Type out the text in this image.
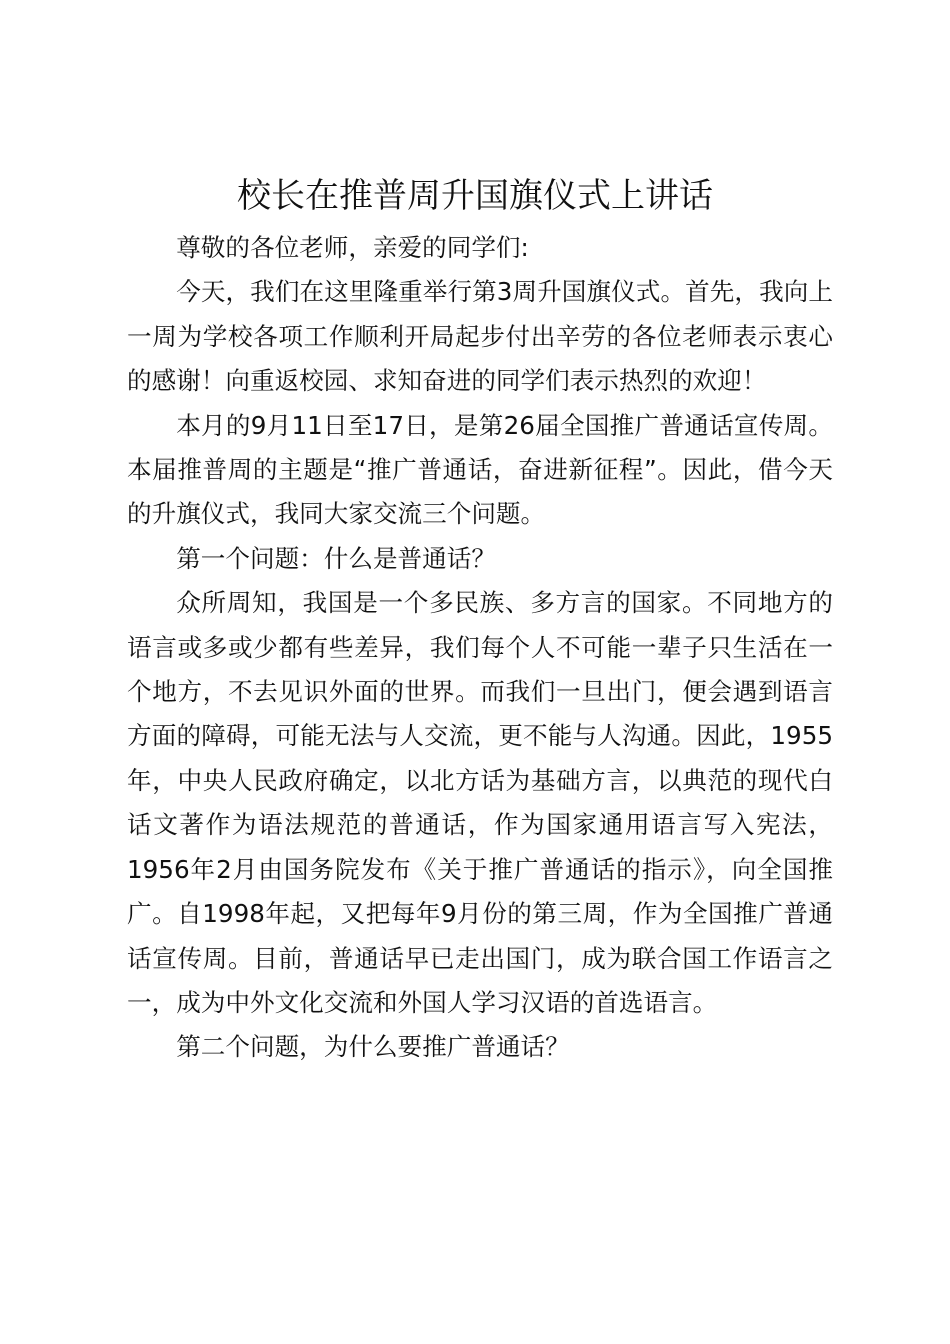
校长在推普周升国旗仪式上讲话

尊敬的各位老师，亲爱的同学们:

今天，我们在这里隆重举行第3周升国旗仪式。首先，我向上一周为学校各项工作顺利开局起步付出辛劳的各位老师表示衷心的感谢！向重返校园、求知奋进的同学们表示热烈的欢迎！

本月的9月11日至17日，是第26届全国推广普通话宣传周。本届推普周的主题是“推广普通话，奋进新征程”。因此，借今天的升旗仪式，我同大家交流三个问题。

第一个问题：什么是普通话？

众所周知，我国是一个多民族、多方言的国家。不同地方的语言或多或少都有些差异，我们每个人不可能一辈子只生活在一个地方，不去见识外面的世界。而我们一旦出门，便会遇到语言方面的障碍，可能无法与人交流，更不能与人沟通。因此，1955年，中央人民政府确定，以北方话为基础方言，以典范的现代白话文著作为语法规范的普通话，作为国家通用语言写入宪法，1956年2月由国务院发布《关于推广普通话的指示》，向全国推广。自1998年起，又把每年9月份的第三周，作为全国推广普通话宣传周。目前，普通话早已走出国门，成为联合国工作语言之一，成为中外文化交流和外国人学习汉语的首选语言。

第二个问题，为什么要推广普通话？
